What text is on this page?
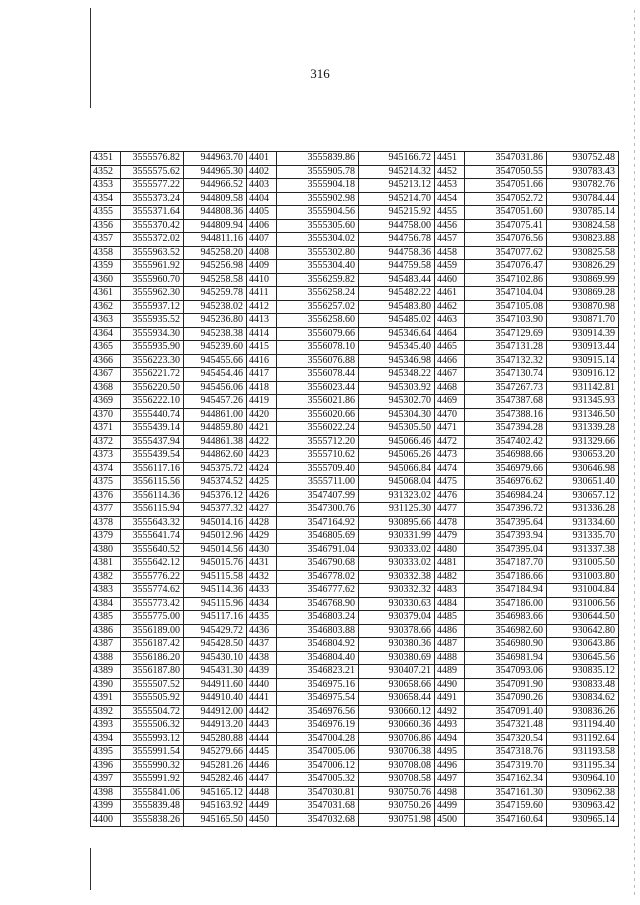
316
4351	3555576.82	944963.70	4401	3555839.86	945166.72	4451	3547031.86	930752.48
4352	3555575.62	944965.30	4402	3555905.78	945214.32	4452	3547050.55	930783.43
4353	3555577.22	944966.52	4403	3555904.18	945213.12	4453	3547051.66	930782.76
4354	3555373.24	944809.58	4404	3555902.98	945214.70	4454	3547052.72	930784.44
4355	3555371.64	944808.36	4405	3555904.56	945215.92	4455	3547051.60	930785.14
4356	3555370.42	944809.94	4406	3555305.60	944758.00	4456	3547075.41	930824.58
4357	3555372.02	944811.16	4407	3555304.02	944756.78	4457	3547076.56	930823.88
4358	3555963.52	945258.20	4408	3555302.80	944758.36	4458	3547077.62	930825.58
4359	3555961.92	945256.98	4409	3555304.40	944759.58	4459	3547076.47	930826.29
4360	3555960.70	945258.58	4410	3556259.82	945483.44	4460	3547102.86	930869.99
4361	3555962.30	945259.78	4411	3556258.24	945482.22	4461	3547104.04	930869.28
4362	3555937.12	945238.02	4412	3556257.02	945483.80	4462	3547105.08	930870.98
4363	3555935.52	945236.80	4413	3556258.60	945485.02	4463	3547103.90	930871.70
4364	3555934.30	945238.38	4414	3556079.66	945346.64	4464	3547129.69	930914.39
4365	3555935.90	945239.60	4415	3556078.10	945345.40	4465	3547131.28	930913.44
4366	3556223.30	945455.66	4416	3556076.88	945346.98	4466	3547132.32	930915.14
4367	3556221.72	945454.46	4417	3556078.44	945348.22	4467	3547130.74	930916.12
4368	3556220.50	945456.06	4418	3556023.44	945303.92	4468	3547267.73	931142.81
4369	3556222.10	945457.26	4419	3556021.86	945302.70	4469	3547387.68	931345.93
4370	3555440.74	944861.00	4420	3556020.66	945304.30	4470	3547388.16	931346.50
4371	3555439.14	944859.80	4421	3556022.24	945305.50	4471	3547394.28	931339.28
4372	3555437.94	944861.38	4422	3555712.20	945066.46	4472	3547402.42	931329.66
4373	3555439.54	944862.60	4423	3555710.62	945065.26	4473	3546988.66	930653.20
4374	3556117.16	945375.72	4424	3555709.40	945066.84	4474	3546979.66	930646.98
4375	3556115.56	945374.52	4425	3555711.00	945068.04	4475	3546976.62	930651.40
4376	3556114.36	945376.12	4426	3547407.99	931323.02	4476	3546984.24	930657.12
4377	3556115.94	945377.32	4427	3547300.76	931125.30	4477	3547396.72	931336.28
4378	3555643.32	945014.16	4428	3547164.92	930895.66	4478	3547395.64	931334.60
4379	3555641.74	945012.96	4429	3546805.69	930331.99	4479	3547393.94	931335.70
4380	3555640.52	945014.56	4430	3546791.04	930333.02	4480	3547395.04	931337.38
4381	3555642.12	945015.76	4431	3546790.68	930333.02	4481	3547187.70	931005.50
4382	3555776.22	945115.58	4432	3546778.02	930332.38	4482	3547186.66	931003.80
4383	3555774.62	945114.36	4433	3546777.62	930332.32	4483	3547184.94	931004.84
4384	3555773.42	945115.96	4434	3546768.90	930330.63	4484	3547186.00	931006.56
4385	3555775.00	945117.16	4435	3546803.24	930379.04	4485	3546983.66	930644.50
4386	3556189.00	945429.72	4436	3546803.88	930378.66	4486	3546982.60	930642.80
4387	3556187.42	945428.50	4437	3546804.92	930380.36	4487	3546980.90	930643.86
4388	3556186.20	945430.10	4438	3546804.40	930380.69	4488	3546981.94	930645.56
4389	3556187.80	945431.30	4439	3546823.21	930407.21	4489	3547093.06	930835.12
4390	3555507.52	944911.60	4440	3546975.16	930658.66	4490	3547091.90	930833.48
4391	3555505.92	944910.40	4441	3546975.54	930658.44	4491	3547090.26	930834.62
4392	3555504.72	944912.00	4442	3546976.56	930660.12	4492	3547091.40	930836.26
4393	3555506.32	944913.20	4443	3546976.19	930660.36	4493	3547321.48	931194.40
4394	3555993.12	945280.88	4444	3547004.28	930706.86	4494	3547320.54	931192.64
4395	3555991.54	945279.66	4445	3547005.06	930706.38	4495	3547318.76	931193.58
4396	3555990.32	945281.26	4446	3547006.12	930708.08	4496	3547319.70	931195.34
4397	3555991.92	945282.46	4447	3547005.32	930708.58	4497	3547162.34	930964.10
4398	3555841.06	945165.12	4448	3547030.81	930750.76	4498	3547161.30	930962.38
4399	3555839.48	945163.92	4449	3547031.68	930750.26	4499	3547159.60	930963.42
4400	3555838.26	945165.50	4450	3547032.68	930751.98	4500	3547160.64	930965.14
